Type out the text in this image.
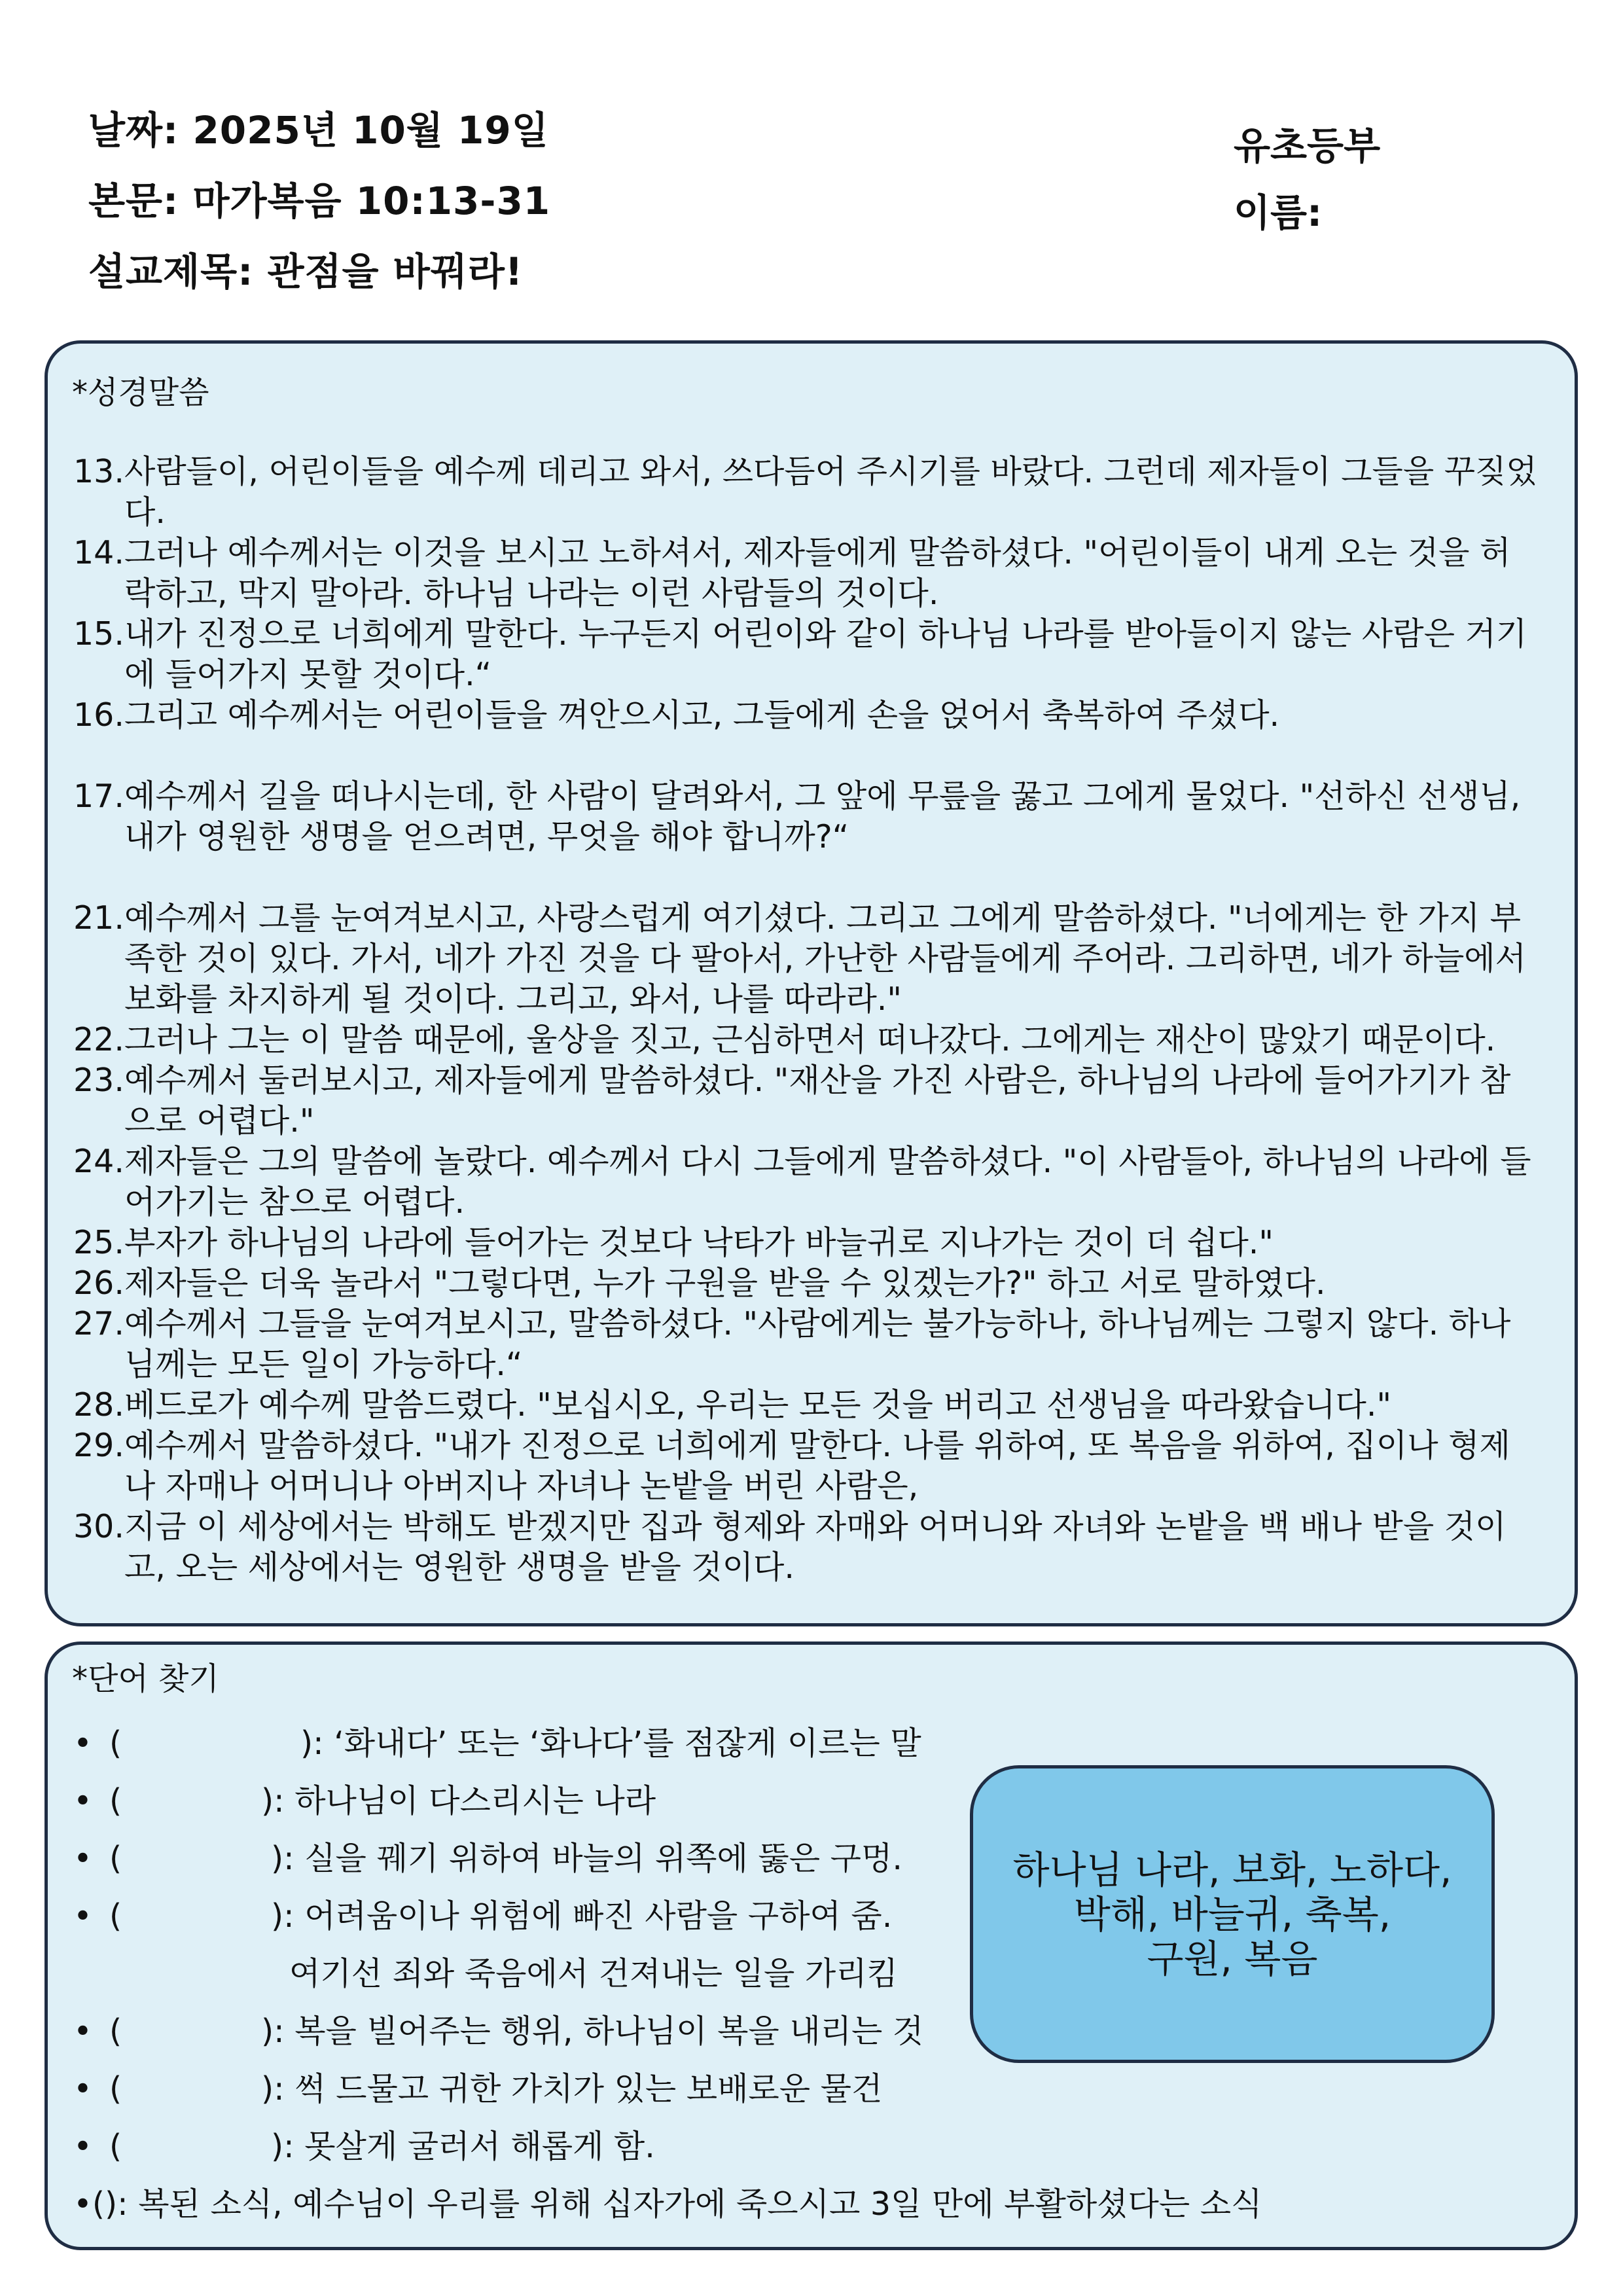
날짜: 2025년 10월 19일
본문: 마가복음 10:13-31
설교제목: 관점을 바꿔라!
유초등부
이름:
*성경말씀
13.사람들이, 어린이들을 예수께 데리고 와서, 쓰다듬어 주시기를 바랐다. 그런데 제자들이 그들을 꾸짖었다.
14.그러나 예수께서는 이것을 보시고 노하셔서, 제자들에게 말씀하셨다. "어린이들이 내게 오는 것을 허락하고, 막지 말아라. 하나님 나라는 이런 사람들의 것이다.
15.내가 진정으로 너희에게 말한다. 누구든지 어린이와 같이 하나님 나라를 받아들이지 않는 사람은 거기에 들어가지 못할 것이다.“
16.그리고 예수께서는 어린이들을 껴안으시고, 그들에게 손을 얹어서 축복하여 주셨다.
17.예수께서 길을 떠나시는데, 한 사람이 달려와서, 그 앞에 무릎을 꿇고 그에게 물었다. "선하신 선생님, 내가 영원한 생명을 얻으려면, 무엇을 해야 합니까?“
21.예수께서 그를 눈여겨보시고, 사랑스럽게 여기셨다. 그리고 그에게 말씀하셨다. "너에게는 한 가지 부족한 것이 있다. 가서, 네가 가진 것을 다 팔아서, 가난한 사람들에게 주어라. 그리하면, 네가 하늘에서 보화를 차지하게 될 것이다. 그리고, 와서, 나를 따라라."
22.그러나 그는 이 말씀 때문에, 울상을 짓고, 근심하면서 떠나갔다. 그에게는 재산이 많았기 때문이다.
23.예수께서 둘러보시고, 제자들에게 말씀하셨다. "재산을 가진 사람은, 하나님의 나라에 들어가기가 참으로 어렵다."
24.제자들은 그의 말씀에 놀랐다. 예수께서 다시 그들에게 말씀하셨다. "이 사람들아, 하나님의 나라에 들어가기는 참으로 어렵다.
25.부자가 하나님의 나라에 들어가는 것보다 낙타가 바늘귀로 지나가는 것이 더 쉽다."
26.제자들은 더욱 놀라서 "그렇다면, 누가 구원을 받을 수 있겠는가?" 하고 서로 말하였다.
27.예수께서 그들을 눈여겨보시고, 말씀하셨다. "사람에게는 불가능하나, 하나님께는 그렇지 않다. 하나님께는 모든 일이 가능하다.“
28.베드로가 예수께 말씀드렸다. "보십시오, 우리는 모든 것을 버리고 선생님을 따라왔습니다."
29.예수께서 말씀하셨다. "내가 진정으로 너희에게 말한다. 나를 위하여, 또 복음을 위하여, 집이나 형제나 자매나 어머니나 아버지나 자녀나 논밭을 버린 사람은,
30.지금 이 세상에서는 박해도 받겠지만 집과 형제와 자매와 어머니와 자녀와 논밭을 백 배나 받을 것이고, 오는 세상에서는 영원한 생명을 받을 것이다.
*단어 찾기
• (	): ‘화내다’ 또는 ‘화나다’를 점잖게 이르는 말
• (	): 하나님이 다스리시는 나라
• (	): 실을 꿰기 위하여 바늘의 위쪽에 뚫은 구멍.
• (	): 어려움이나 위험에 빠진 사람을 구하여 줌.
여기선 죄와 죽음에서 건져내는 일을 가리킴
• (	): 복을 빌어주는 행위, 하나님이 복을 내리는 것
• (	): 썩 드물고 귀한 가치가 있는 보배로운 물건
• (	): 못살게 굴러서 해롭게 함.
• ( ): 복된 소식, 예수님이 우리를 위해 십자가에 죽으시고 3일 만에 부활하셨다는 소식
하나님 나라, 보화, 노하다,
박해, 바늘귀, 축복,
구원, 복음
